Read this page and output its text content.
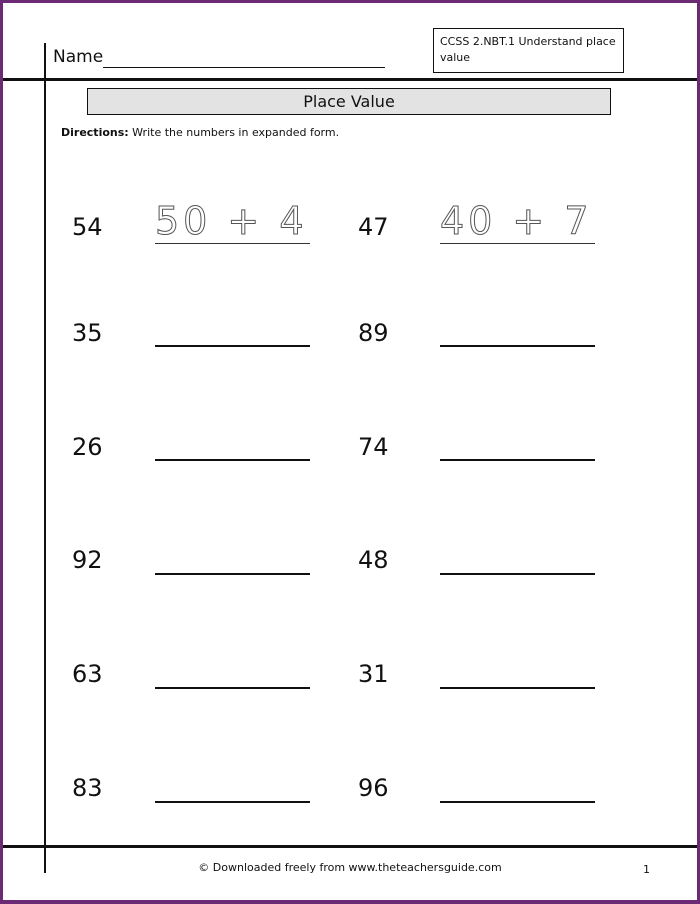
Name
CCSS 2.NBT.1 Understand place value
Place Value
Directions: Write the numbers in expanded form.
54 50 + 4
35
26
92
63
83
47 40 + 7
89
74
48
31
96
© Downloaded freely from www.theteachersguide.com	1
